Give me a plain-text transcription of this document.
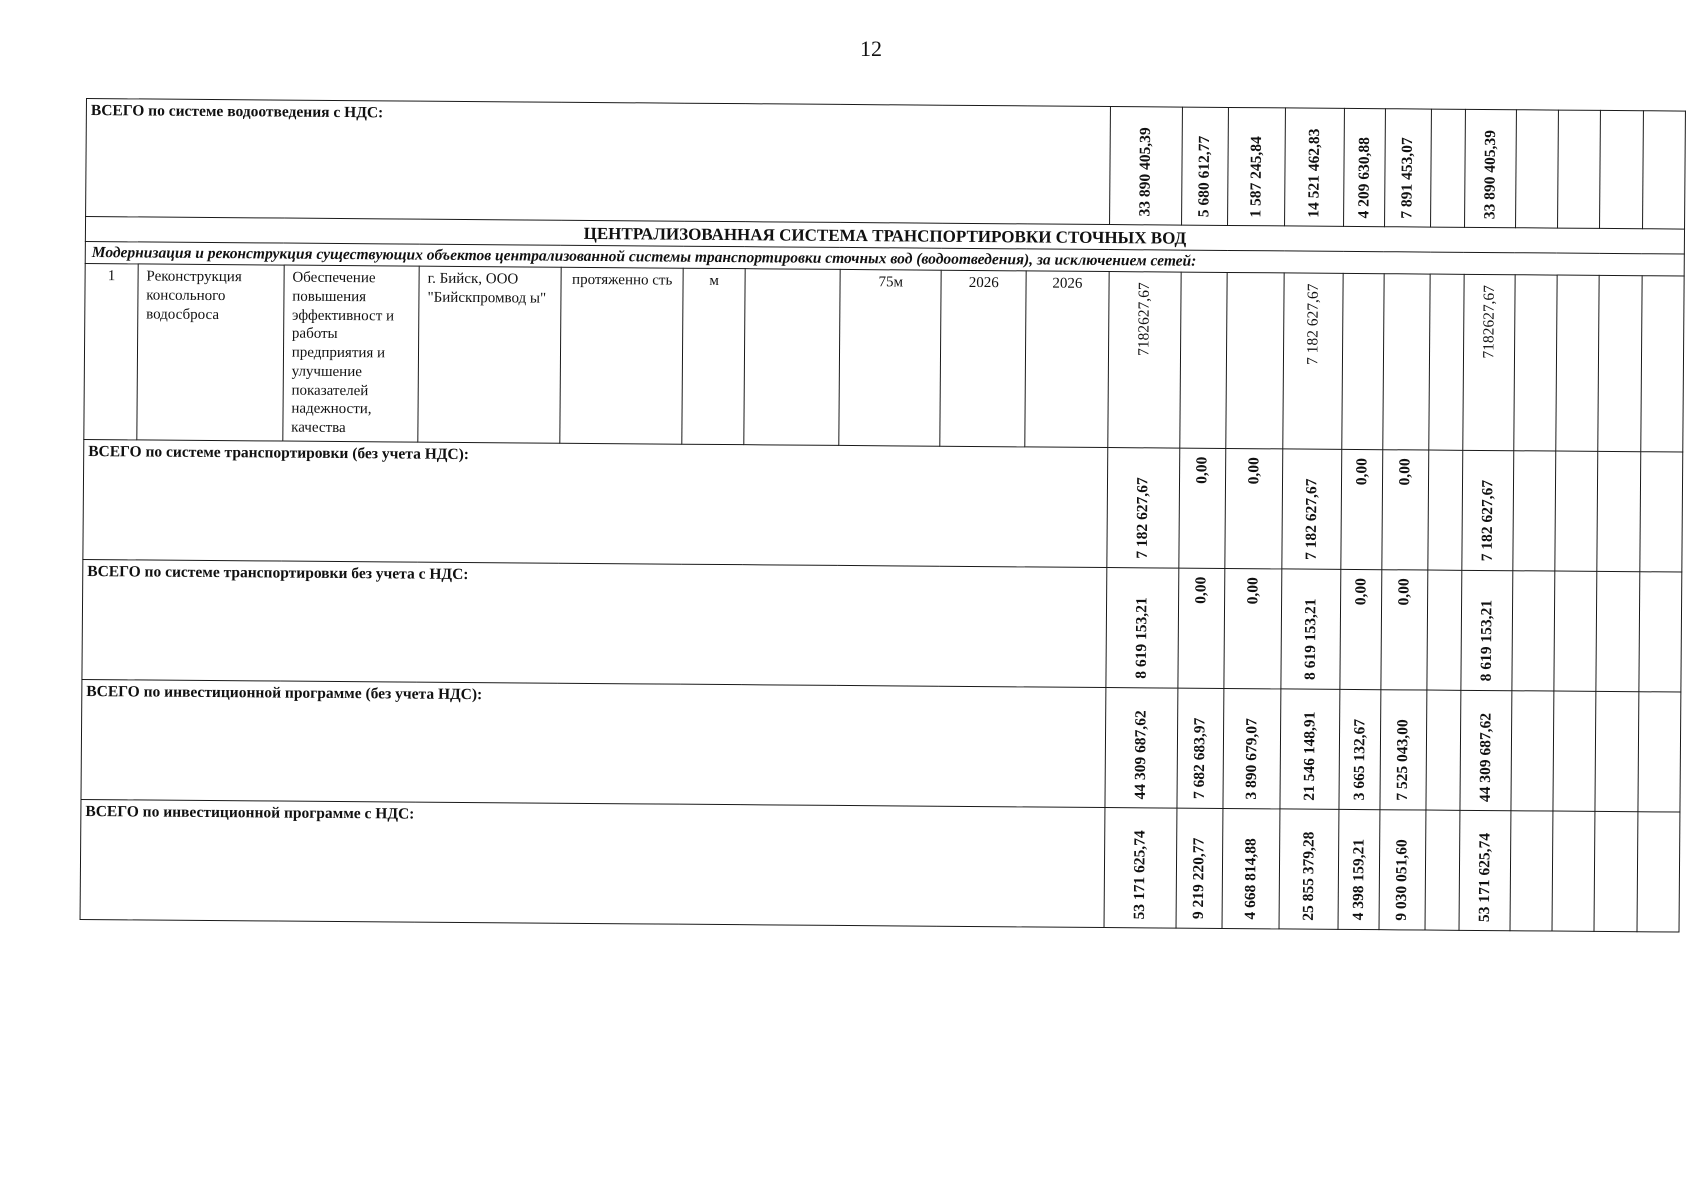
12
ВСЕГО по системе водоотведения с НДС:										33 890 405,39	5 680 612,77	1 587 245,84	14 521 462,83	4 209 630,88	7 891 453,07		33 890 405,39				

ЦЕНТРАЛИЗОВАННАЯ СИСТЕМА ТРАНСПОРТИРОВКИ СТОЧНЫХ ВОД																					
Модернизация и реконструкция существующих объектов централизованной системы транспортировки сточных вод (водоотведения), за исключением сетей:																					
1	Реконструкция консольного водосброса	Обеспечение повышения эффективност и работы предприятия и улучшение показателей надежности, качества	г. Бийск, ООО "Бийскпромвод ы"	протяженно сть	м		75м	2026	2026	7182627,67			7 182 627,67				7182627,67				

ВСЕГО по системе транспортировки (без учета НДС):										7 182 627,67	0,00	0,00	7 182 627,67	0,00	0,00		7 182 627,67				

ВСЕГО по системе транспортировки без учета с НДС:										8 619 153,21	0,00	0,00	8 619 153,21	0,00	0,00		8 619 153,21				

ВСЕГО по инвестиционной программе (без учета НДС):										44 309 687,62	7 682 683,97	3 890 679,07	21 546 148,91	3 665 132,67	7 525 043,00		44 309 687,62				

ВСЕГО по инвестиционной программе с НДС:										53 171 625,74	9 219 220,77	4 668 814,88	25 855 379,28	4 398 159,21	9 030 051,60		53 171 625,74				
